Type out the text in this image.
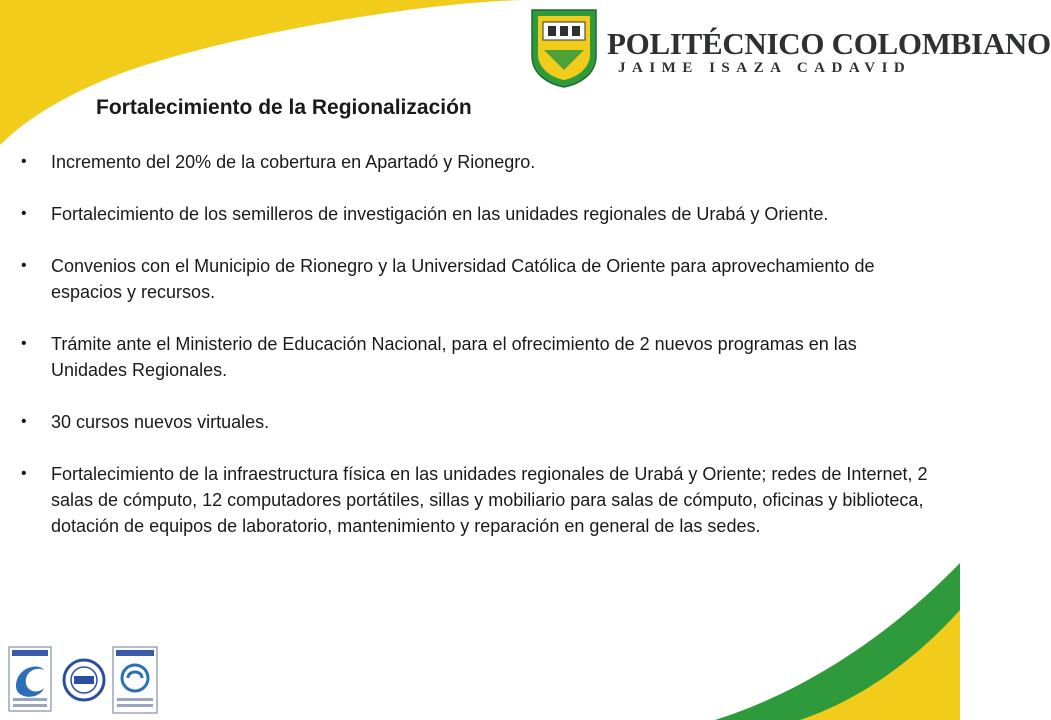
POLITÉCNICO COLOMBIANO
JAIME ISAZA CADAVID
Fortalecimiento de la Regionalización
• Incremento del 20% de la cobertura en Apartadó y Rionegro.
• Fortalecimiento de los semilleros de investigación en las unidades regionales de Urabá y Oriente.
• Convenios con el Municipio de Rionegro y la Universidad Católica de Oriente para aprovechamiento de espacios y recursos.
• Trámite ante el Ministerio de Educación Nacional, para el ofrecimiento de 2 nuevos programas en las Unidades Regionales.
• 30 cursos nuevos virtuales.
• Fortalecimiento de la infraestructura física en las unidades regionales de Urabá y Oriente; redes de Internet, 2 salas de cómputo, 12 computadores portátiles, sillas y mobiliario para salas de cómputo, oficinas y biblioteca, dotación de equipos de laboratorio, mantenimiento y reparación en general de las sedes.
